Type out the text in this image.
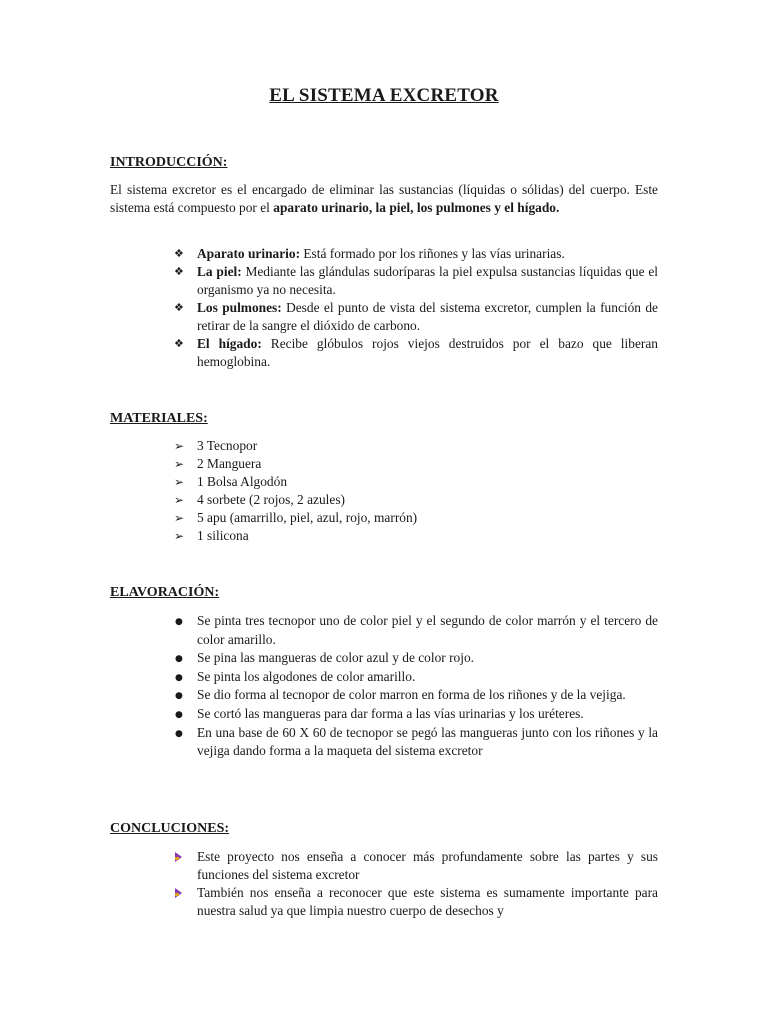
EL SISTEMA EXCRETOR
INTRODUCCIÓN:
El sistema excretor es el encargado de eliminar las sustancias (líquidas o sólidas) del cuerpo. Este sistema está compuesto por el aparato urinario, la piel, los pulmones y el hígado.
❖ Aparato urinario: Está formado por los riñones y las vías urinarias.
❖ La piel: Mediante las glándulas sudoríparas la piel expulsa sustancias líquidas que el organismo ya no necesita.
❖ Los pulmones: Desde el punto de vista del sistema excretor, cumplen la función de retirar de la sangre el dióxido de carbono.
❖ El hígado: Recibe glóbulos rojos viejos destruidos por el bazo que liberan hemoglobina.
MATERIALES:
➢ 3 Tecnopor
➢ 2 Manguera
➢ 1 Bolsa Algodón
➢ 4 sorbete (2 rojos, 2 azules)
➢ 5 apu (amarrillo, piel, azul, rojo, marrón)
➢ 1 silicona
ELAVORACIÓN:
●	Se pinta tres tecnopor uno de color piel y el segundo de color marrón y el tercero de color amarillo.
●	Se pina las mangueras de color azul y de color rojo.
●	Se pinta los algodones de color amarillo.
●	Se dio forma al tecnopor de color marron en forma de los riñones y de la vejiga.
●	Se cortó las mangueras para dar forma a las vías urinarias y los uréteres.
●	En una base de 60 X 60 de tecnopor se pegó las mangueras junto con los riñones y la vejiga dando forma a la maqueta del sistema excretor
CONCLUCIONES:
Este proyecto nos enseña a conocer más profundamente sobre las partes y sus funciones del sistema excretor
También nos enseña a reconocer que este sistema es sumamente importante para nuestra salud ya que limpia nuestro cuerpo de desechos y
